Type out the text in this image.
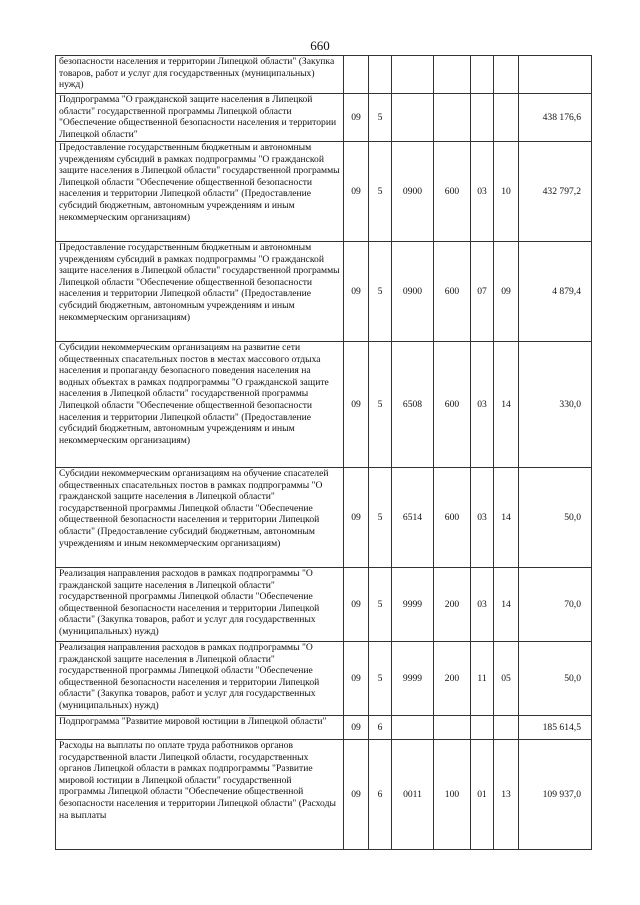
660
безопасности населения и территории Липецкой области" (Закупка товаров, работ и услуг для государственных (муниципальных) нужд)							
Подпрограмма "О гражданской защите населения в Липецкой области" государственной программы Липецкой области "Обеспечение общественной безопасности населения и территории Липецкой области"	09	5					438 176,6
Предоставление государственным бюджетным и автономным учреждениям субсидий в рамках подпрограммы "О гражданской защите населения в Липецкой области" государственной программы Липецкой области "Обеспечение общественной безопасности населения и территории Липецкой области" (Предоставление субсидий бюджетным, автономным учреждениям и иным некоммерческим организациям)	09	5	0900	600	03	10	432 797,2
Предоставление государственным бюджетным и автономным учреждениям субсидий в рамках подпрограммы "О гражданской защите населения в Липецкой области" государственной программы Липецкой области "Обеспечение общественной безопасности населения и территории Липецкой области" (Предоставление субсидий бюджетным, автономным учреждениям и иным некоммерческим организациям)	09	5	0900	600	07	09	4 879,4
Субсидии некоммерческим организациям на развитие сети общественных спасательных постов в местах массового отдыха населения и пропаганду безопасного поведения населения на водных объектах в рамках подпрограммы "О гражданской защите населения в Липецкой области" государственной программы Липецкой области "Обеспечение общественной безопасности населения и территории Липецкой области" (Предоставление субсидий бюджетным, автономным учреждениям и иным некоммерческим организациям)	09	5	6508	600	03	14	330,0
Субсидии некоммерческим организациям на обучение спасателей общественных спасательных постов в рамках подпрограммы "О гражданской защите населения в Липецкой области" государственной программы Липецкой области "Обеспечение общественной безопасности населения и территории Липецкой области" (Предоставление субсидий бюджетным, автономным учреждениям и иным некоммерческим организациям)	09	5	6514	600	03	14	50,0
Реализация направления расходов в рамках подпрограммы "О гражданской защите населения в Липецкой области" государственной программы Липецкой области "Обеспечение общественной безопасности населения и территории Липецкой области" (Закупка товаров, работ и услуг для государственных (муниципальных) нужд)	09	5	9999	200	03	14	70,0
Реализация направления расходов в рамках подпрограммы "О гражданской защите населения в Липецкой области" государственной программы Липецкой области "Обеспечение общественной безопасности населения и территории Липецкой области" (Закупка товаров, работ и услуг для государственных (муниципальных) нужд)	09	5	9999	200	11	05	50,0
Подпрограмма "Развитие мировой юстиции в Липецкой области"	09	6					185 614,5
Расходы на выплаты по оплате труда работников органов государственной власти Липецкой области, государственных органов Липецкой области в рамках подпрограммы "Развитие мировой юстиции в Липецкой области" государственной программы Липецкой области "Обеспечение общественной безопасности населения и территории Липецкой области" (Расходы на выплаты	09	6	0011	100	01	13	109 937,0
